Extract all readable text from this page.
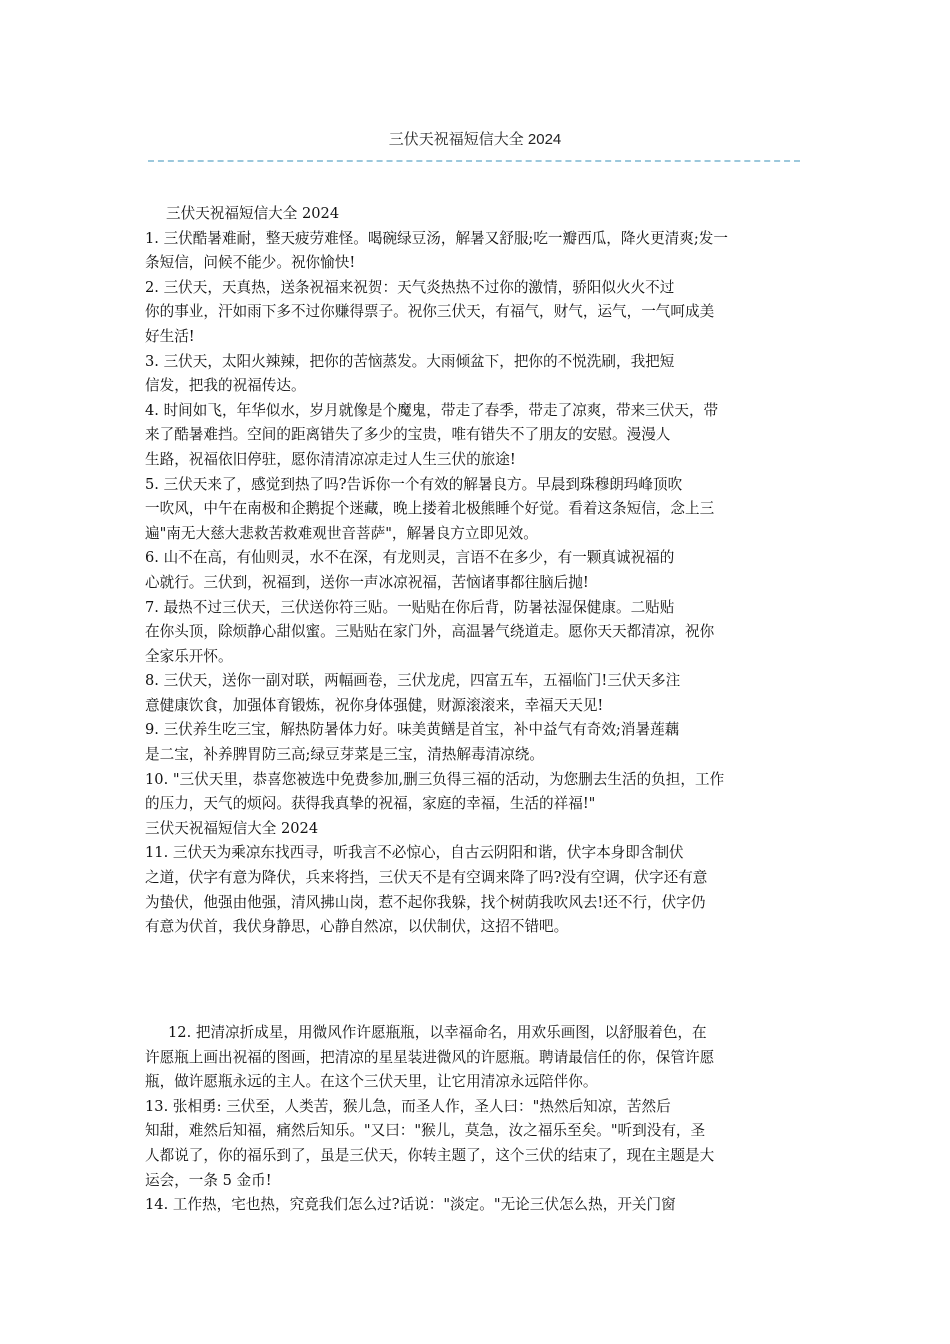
三伏天祝福短信大全 2024
三伏天祝福短信大全 2024
1. 三伏酷暑难耐，整天疲劳难怪。喝碗绿豆汤，解暑又舒服;吃一瓣西瓜，降火更清爽;发一
条短信，问候不能少。祝你愉快!
2. 三伏天，天真热，送条祝福来祝贺：天气炎热热不过你的激情，骄阳似火火不过
你的事业，汗如雨下多不过你赚得票子。祝你三伏天，有福气，财气，运气，一气呵成美
好生活!
3. 三伏天，太阳火辣辣，把你的苦恼蒸发。大雨倾盆下，把你的不悦洗刷，我把短
信发，把我的祝福传达。
4. 时间如飞，年华似水，岁月就像是个魔鬼，带走了春季，带走了凉爽，带来三伏天，带
来了酷暑难挡。空间的距离错失了多少的宝贵，唯有错失不了朋友的安慰。漫漫人
生路，祝福依旧停驻，愿你清清凉凉走过人生三伏的旅途!
5. 三伏天来了，感觉到热了吗?告诉你一个有效的解暑良方。早晨到珠穆朗玛峰顶吹
一吹风，中午在南极和企鹅捉个迷藏，晚上搂着北极熊睡个好觉。看着这条短信，念上三
遍"南无大慈大悲救苦救难观世音菩萨"，解暑良方立即见效。
6. 山不在高，有仙则灵，水不在深，有龙则灵，言语不在多少，有一颗真诚祝福的
心就行。三伏到，祝福到，送你一声冰凉祝福，苦恼诸事都往脑后抛!
7. 最热不过三伏天，三伏送你符三贴。一贴贴在你后背，防暑祛湿保健康。二贴贴
在你头顶，除烦静心甜似蜜。三贴贴在家门外，高温暑气绕道走。愿你天天都清凉，祝你
全家乐开怀。
8. 三伏天，送你一副对联，两幅画卷，三伏龙虎，四富五车，五福临门!三伏天多注
意健康饮食，加强体育锻炼，祝你身体强健，财源滚滚来，幸福天天见!
9. 三伏养生吃三宝，解热防暑体力好。味美黄鳝是首宝，补中益气有奇效;消暑莲藕
是二宝，补养脾胃防三高;绿豆芽菜是三宝，清热解毒清凉绕。
10. "三伏天里，恭喜您被选中免费参加,删三负得三福的活动，为您删去生活的负担，工作
的压力，天气的烦闷。获得我真挚的祝福，家庭的幸福，生活的祥福!"
三伏天祝福短信大全 2024
11. 三伏天为乘凉东找西寻，听我言不必惊心，自古云阴阳和谐，伏字本身即含制伏
之道，伏字有意为降伏，兵来将挡，三伏天不是有空调来降了吗?没有空调，伏字还有意
为蛰伏，他强由他强，清风拂山岗，惹不起你我躲，找个树荫我吹风去!还不行，伏字仍
有意为伏首，我伏身静思，心静自然凉，以伏制伏，这招不错吧。
12. 把清凉折成星，用微风作许愿瓶瓶，以幸福命名，用欢乐画图，以舒服着色，在
许愿瓶上画出祝福的图画，把清凉的星星装进微风的许愿瓶。聘请最信任的你，保管许愿
瓶，做许愿瓶永远的主人。在这个三伏天里，让它用清凉永远陪伴你。
13. 张相勇: 三伏至，人类苦，猴儿急，而圣人作，圣人曰："热然后知凉，苦然后
知甜，难然后知福，痛然后知乐。"又曰："猴儿，莫急，汝之福乐至矣。"听到没有，圣
人都说了，你的福乐到了，虽是三伏天，你转主题了，这个三伏的结束了，现在主题是大
运会，一条 5 金币!
14. 工作热，宅也热，究竟我们怎么过?话说："淡定。"无论三伏怎么热，开关门窗
